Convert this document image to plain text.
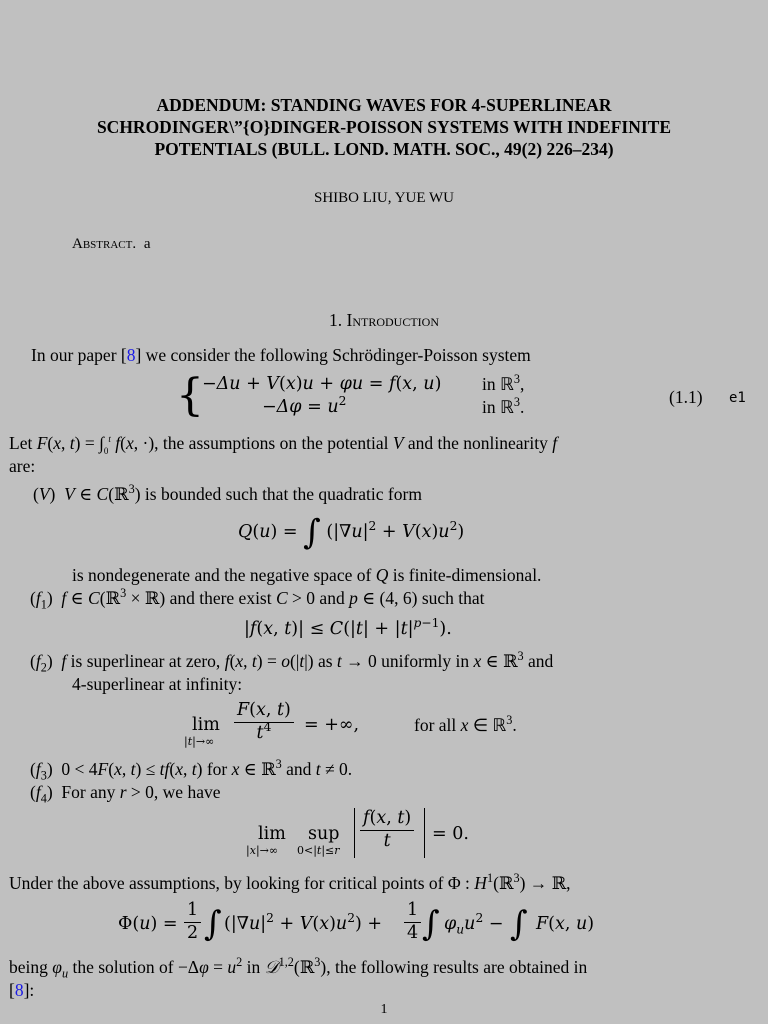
ADDENDUM: STANDING WAVES FOR 4-SUPERLINEAR
SCHRODINGER\”{O}DINGER-POISSON SYSTEMS WITH INDEFINITE
POTENTIALS (BULL. LOND. MATH. SOC., 49(2) 226–234)
SHIBO LIU, YUE WU
Abstract. a
1. Introduction
In our paper [8] we consider the following Schrödinger-Poisson system
{
−Δu + V(x)u + φu = f(x, u)
$-\Delta\varphi = u^2$
in ℝ$^3$,
in ℝ$^3$.	(1.1) e1
Let F(x, $t) = \int_0^t$ f(x, ·), the assumptions on the potential V and the nonlinearity f
are:
(V)  V ∈ C(ℝ$^3$) is bounded such that the quadratic form
Q(u) = ∫ $(|\nabla u|^2 + V(x)u^2)$
is nondegenerate and the negative space of Q is finite-dimensional.
$(f_1)$  f ∈ C(ℝ$^3$ × ℝ) and there exist C > 0 and p ∈ (4, 6) such that
|f(x, $t)| \le C(|t| + |t|^{p-1})$.
$(f_2)$  f is superlinear at zero, f(x, t) = o(|t|) as t → 0 uniformly in x ∈ ℝ$^3$ and
4-superlinear at infinity:
lim
$|t|\to\infty \frac{F(x, t)}{t^4}$ = +∞,	for all x ∈ ℝ$^3$.
$(f_3) 0 < 4F(x$, t) ≤ tf(x, t) for x ∈ ℝ$^3$ and t ≠ 0.
$(f_4)$  For any r > 0, we have
lim
|x|→∞
sup
$0<|t|\le r \frac{f(x, t)}{t} = 0$.
Under the above assumptions, by looking for critical points of Φ : $H^1(ℝ^3)$ → ℝ,
$\Phi(u) = \frac{1}{2}$ ∫ $(|\nabla u|^2 + V(x)u^2) + \frac{1}{4}$ ∫ $\varphi_uu^2$ − ∫ F(x, u)
being $\varphi_u$ the solution of $-\Delta\varphi = u^2$ in 𝒟$^{1,2}$(ℝ$^3$), the following results are obtained in
[8]:
1
